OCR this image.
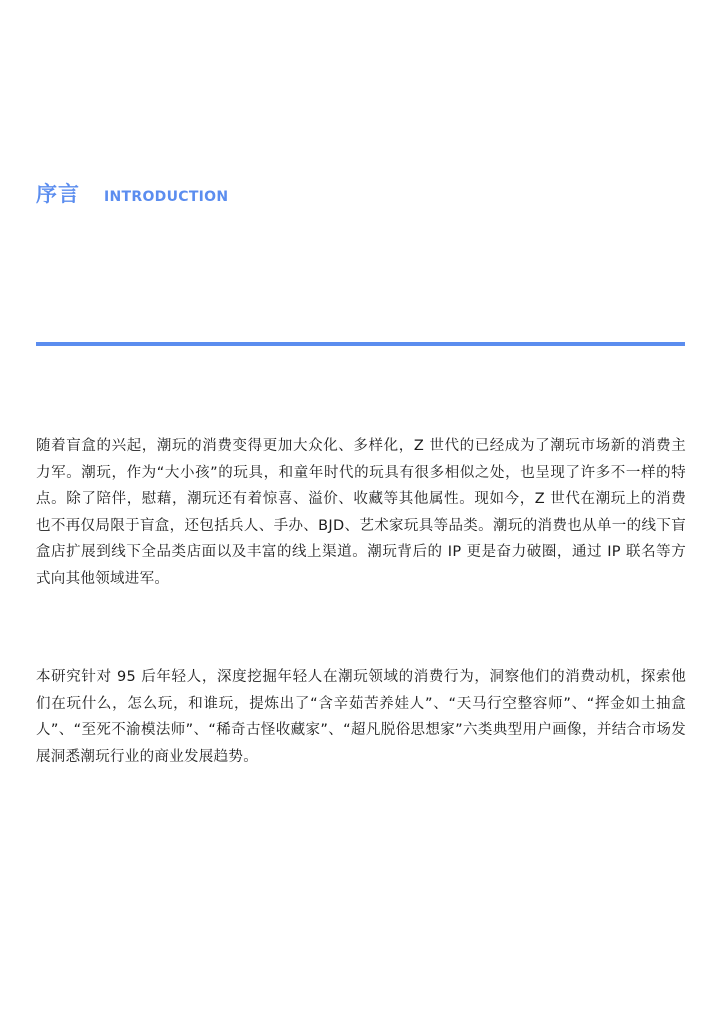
序言 INTRODUCTION

随着盲盒的兴起，潮玩的消费变得更加大众化、多样化，Z 世代的已经成为了潮玩市场新的消费主力军。潮玩，作为“大小孩”的玩具，和童年时代的玩具有很多相似之处，也呈现了许多不一样的特点。除了陪伴，慰藉，潮玩还有着惊喜、溢价、收藏等其他属性。现如今，Z 世代在潮玩上的消费也不再仅局限于盲盒，还包括兵人、手办、BJD、艺术家玩具等品类。潮玩的消费也从单一的线下盲盒店扩展到线下全品类店面以及丰富的线上渠道。潮玩背后的 IP 更是奋力破圈，通过 IP 联名等方式向其他领域进军。

本研究针对 95 后年轻人，深度挖掘年轻人在潮玩领域的消费行为，洞察他们的消费动机，探索他们在玩什么，怎么玩，和谁玩，提炼出了“含辛茹苦养娃人”、“天马行空整容师”、“挥金如土抽盒人”、“至死不渝模法师”、“稀奇古怪收藏家”、“超凡脱俗思想家”六类典型用户画像，并结合市场发展洞悉潮玩行业的商业发展趋势。
